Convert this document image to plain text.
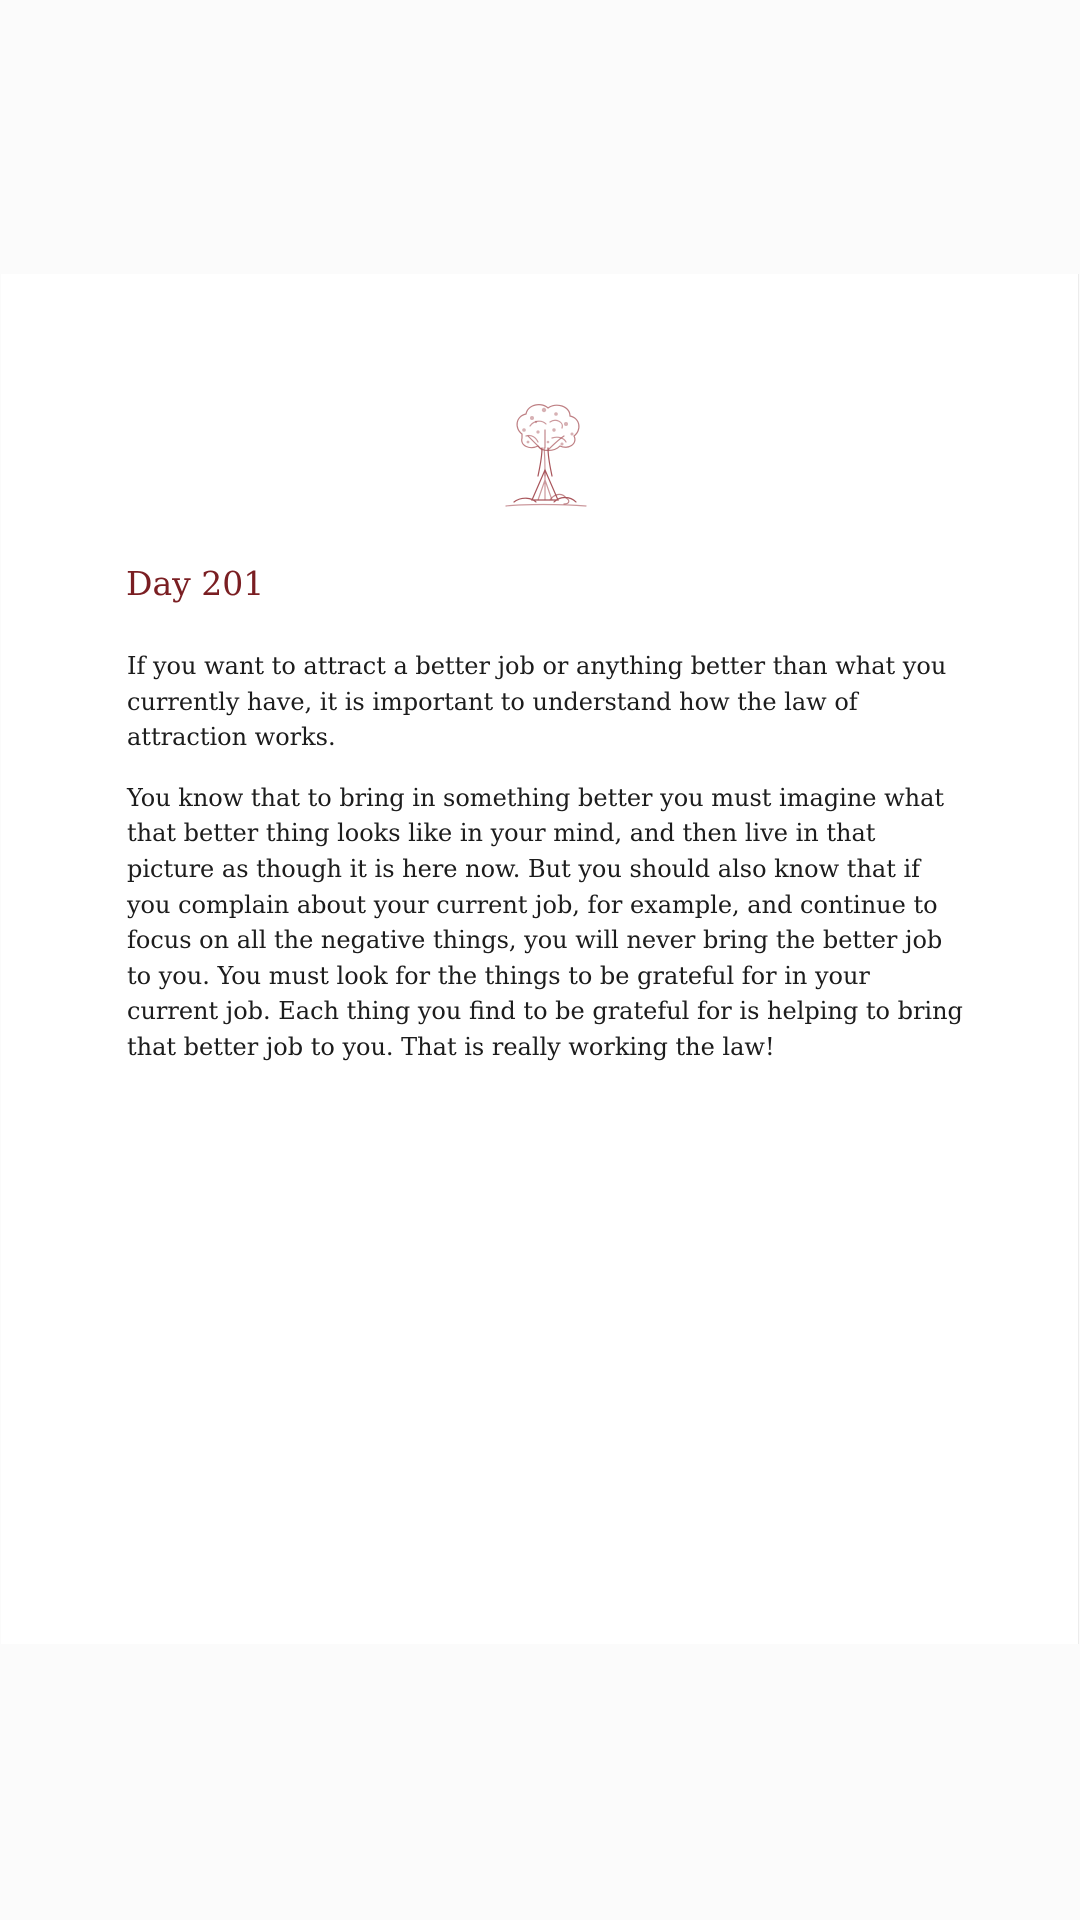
Day 201

If you want to attract a better job or anything better than what you currently have, it is important to understand how the law of attraction works.

You know that to bring in something better you must imagine what that better thing looks like in your mind, and then live in that picture as though it is here now. But you should also know that if you complain about your current job, for example, and continue to focus on all the negative things, you will never bring the better job to you. You must look for the things to be grateful for in your current job. Each thing you find to be grateful for is helping to bring that better job to you. That is really working the law!
